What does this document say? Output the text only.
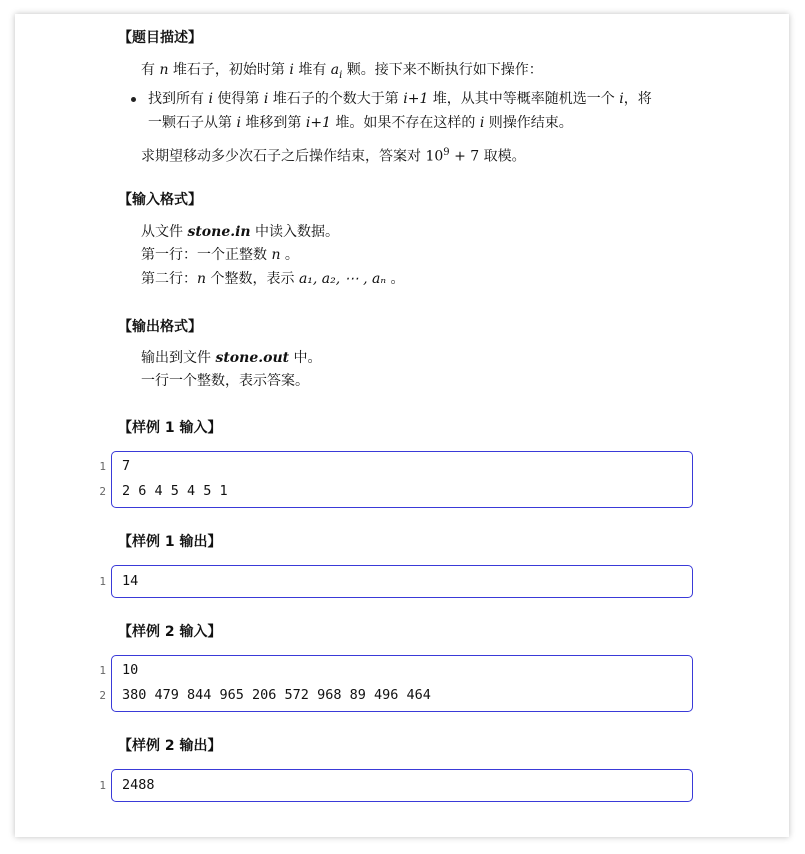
【题目描述】
有 n 堆石子，初始时第 i 堆有 $a_i$ 颗。接下来不断执行如下操作：
找到所有 i 使得第 i 堆石子的个数大于第 i+1 堆，从其中等概率随机选一个 i，将
一颗石子从第 i 堆移到第 i+1 堆。如果不存在这样的 i 则操作结束。
求期望移动多少次石子之后操作结束，答案对 $10^9 + 7$ 取模。
【输入格式】
从文件 stone.in 中读入数据。
第一行：一个正整数 n 。
第二行：n 个整数，表示 a₁, a₂, ⋯ , aₙ 。
【输出格式】
输出到文件 stone.out 中。
一行一个整数，表示答案。
【样例 1 输入】
1
2
7
2 6 4 5 4 5 1
【样例 1 输出】
1 14
【样例 2 输入】
1
2
10
380 479 844 965 206 572 968 89 496 464
【样例 2 输出】
1 2488
